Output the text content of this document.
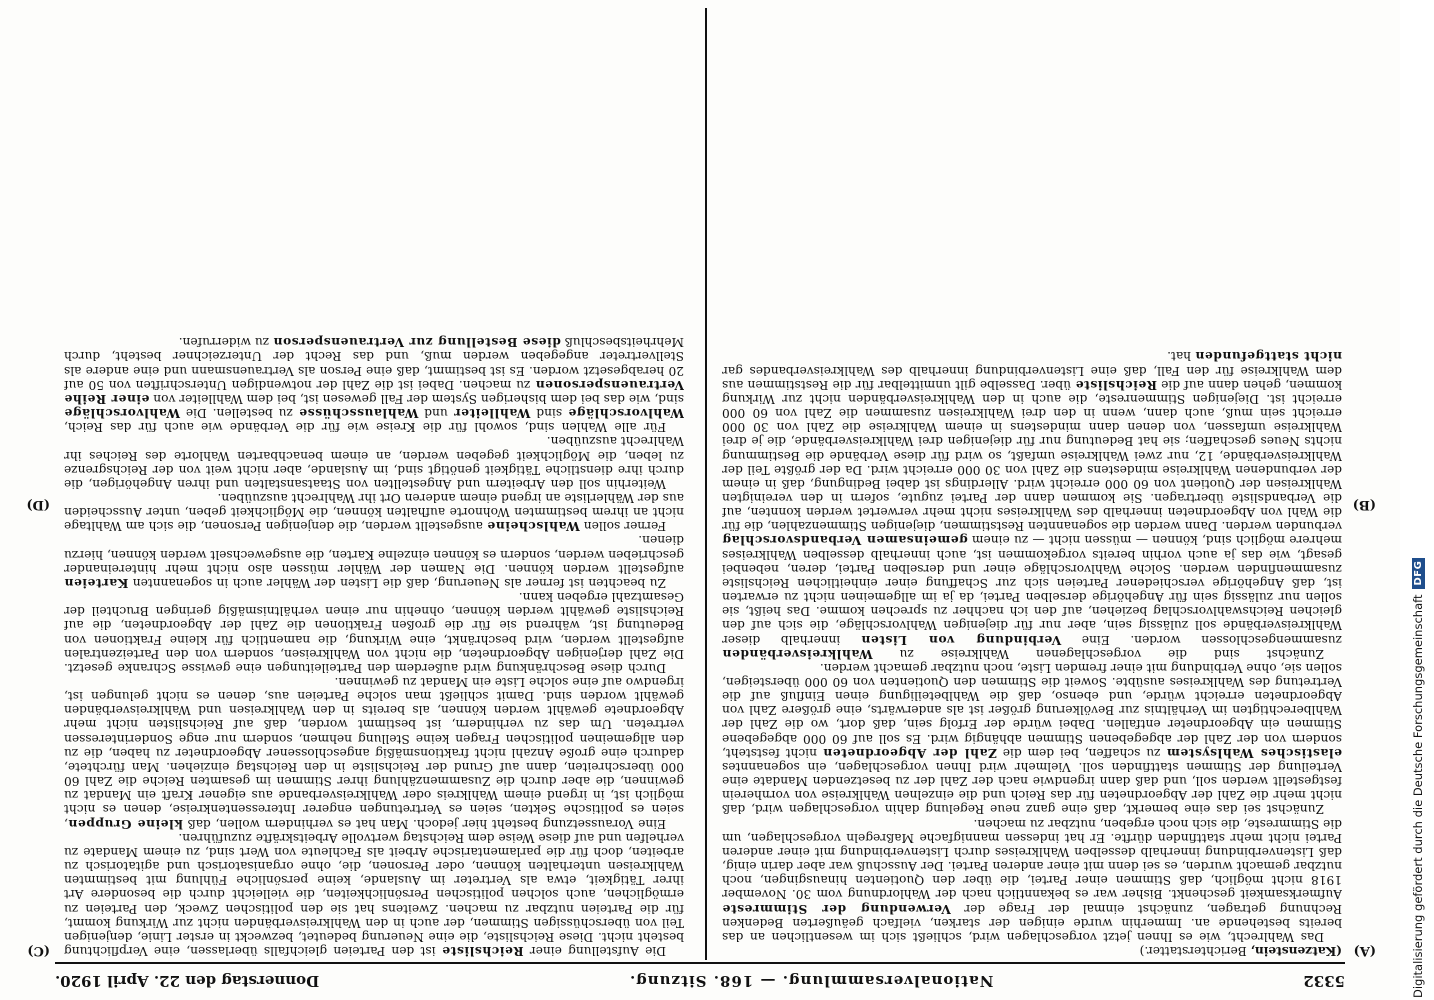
5332
Nationalversammlung. — 168. Sitzung.
Donnerstag den 22. April 1920.
(A)
(B)
(C)
(D)

(Katzenstein, Berichterstatter.)

Das Wahlrecht, wie es Ihnen jetzt vorgeschlagen wird, schließt sich im wesentlichen an das bereits bestehende an. Immerhin wurde einigen der starken, vielfach geäußerten Bedenken Rechnung getragen, zunächst einmal der Frage der Verwendung der Stimmreste Aufmerksamkeit geschenkt. Bisher war es bekanntlich nach der Wahlordnung vom 30. November 1918 nicht möglich, daß Stimmen einer Partei, die über den Quotienten hinausgingen, noch nutzbar gemacht wurden, es sei denn mit einer anderen Partei. Der Ausschuß war aber darin einig, daß Listenverbindung innerhalb desselben Wahlkreises durch Listenverbindung mit einer anderen Partei nicht mehr stattfinden dürfte. Er hat indessen mannigfache Maßregeln vorgeschlagen, um die Stimmreste, die sich noch ergeben, nutzbar zu machen.

Zunächst sei das eine bemerkt, daß eine ganz neue Regelung dahin vorgeschlagen wird, daß nicht mehr die Zahl der Abgeordneten für das Reich und die einzelnen Wahlkreise von vornherein festgestellt werden soll, und daß dann irgendwie nach der Zahl der zu besetzenden Mandate eine Verteilung der Stimmen stattfinden soll. Vielmehr wird Ihnen vorgeschlagen, ein sogenanntes elastisches Wahlsystem zu schaffen, bei dem die Zahl der Abgeordneten nicht feststeht, sondern von der Zahl der abgegebenen Stimmen abhängig wird. Es soll auf 60 000 abgegebene Stimmen ein Abgeordneter entfallen. Dabei würde der Erfolg sein, daß dort, wo die Zahl der Wahlberechtigten im Verhältnis zur Bevölkerung größer ist als anderwärts, eine größere Zahl von Abgeordneten erreicht würde, und ebenso, daß die Wahlbeteiligung einen Einfluß auf die Vertretung des Wahlkreises ausübte. Soweit die Stimmen den Quotienten von 60 000 übersteigen, sollen sie, ohne Verbindung mit einer fremden Liste, noch nutzbar gemacht werden.

Zunächst sind die vorgeschlagenen Wahlkreise zu Wahlkreisverbänden zusammengeschlossen worden. Eine Verbindung von Listen innerhalb dieser Wahlkreisverbände soll zulässig sein, aber nur für diejenigen Wahlvorschläge, die sich auf den gleichen Reichswahlvorschlag beziehen, auf den ich nachher zu sprechen komme. Das heißt, sie sollen nur zulässig sein für Angehörige derselben Partei, da ja im allgemeinen nicht zu erwarten ist, daß Angehörige verschiedener Parteien sich zur Schaffung einer einheitlichen Reichsliste zusammenfinden werden. Solche Wahlvorschläge einer und derselben Partei, deren, nebenbei gesagt, wie das ja auch vorhin bereits vorgekommen ist, auch innerhalb desselben Wahlkreises mehrere möglich sind, können — müssen nicht — zu einem gemeinsamen Verbandsvorschlag verbunden werden. Dann werden die sogenannten Reststimmen, diejenigen Stimmenzahlen, die für die Wahl von Abgeordneten innerhalb des Wahlkreises nicht mehr verwertet werden konnten, auf die Verbandsliste übertragen. Sie kommen dann der Partei zugute, sofern in den vereinigten Wahlkreisen der Quotient von 60 000 erreicht wird. Allerdings ist dabei Bedingung, daß in einem der verbundenen Wahlkreise mindestens die Zahl von 30 000 erreicht wird. Da der größte Teil der Wahlkreisverbände, 12, nur zwei Wahlkreise umfaßt, so wird für diese Verbände die Bestimmung nichts Neues geschaffen; sie hat Bedeutung nur für diejenigen drei Wahlkreisverbände, die je drei Wahlkreise umfassen, von denen dann mindestens in einem Wahlkreise die Zahl von 30 000 erreicht sein muß, auch dann, wenn in den drei Wahlkreisen zusammen die Zahl von 60 000 erreicht ist. Diejenigen Stimmenreste, die auch in den Wahlkreisverbänden nicht zur Wirkung kommen, gehen dann auf die Reichsliste über. Dasselbe gilt unmittelbar für die Reststimmen aus dem Wahlkreise für den Fall, daß eine Listenverbindung innerhalb des Wahlkreisverbandes gar nicht stattgefunden hat.

Die Aufstellung einer Reichsliste ist den Parteien gleichfalls überlassen, eine Verpflichtung besteht nicht. Diese Reichsliste, die eine Neuerung bedeutet, bezweckt in erster Linie, denjenigen Teil von überschüssigen Stimmen, der auch in den Wahlkreisverbänden nicht zur Wirkung kommt, für die Parteien nutzbar zu machen. Zweitens hat sie den politischen Zweck, den Parteien zu ermöglichen, auch solchen politischen Persönlichkeiten, die vielleicht durch die besondere Art ihrer Tätigkeit, etwa als Vertreter im Auslande, keine persönliche Fühlung mit bestimmten Wahlkreisen unterhalten können, oder Personen, die, ohne organisatorisch und agitatorisch zu arbeiten, doch für die parlamentarische Arbeit als Fachleute von Wert sind, zu einem Mandate zu verhelfen und auf diese Weise dem Reichstag wertvolle Arbeitskräfte zuzuführen.

Eine Voraussetzung besteht hier jedoch. Man hat es verhindern wollen, daß kleine Gruppen, seien es politische Sekten, seien es Vertretungen engerer Interessentenkreise, denen es nicht möglich ist, in irgend einem Wahlkreis oder Wahlkreisverbande aus eigener Kraft ein Mandat zu gewinnen, die aber durch die Zusammenzählung ihrer Stimmen im gesamten Reiche die Zahl 60 000 überschreiten, dann auf Grund der Reichsliste in den Reichstag einziehen. Man fürchtete, dadurch eine große Anzahl nicht fraktionsmäßig angeschlossener Abgeordneter zu haben, die zu den allgemeinen politischen Fragen keine Stellung nehmen, sondern nur enge Sonderinteressen vertreten. Um das zu verhindern, ist bestimmt worden, daß auf Reichslisten nicht mehr Abgeordnete gewählt werden können, als bereits in den Wahlkreisen und Wahlkreisverbänden gewählt worden sind. Damit schließt man solche Parteien aus, denen es nicht gelungen ist, irgendwo auf eine solche Liste ein Mandat zu gewinnen.

Durch diese Beschränkung wird außerdem den Parteileitungen eine gewisse Schranke gesetzt. Die Zahl derjenigen Abgeordneten, die nicht von Wahlkreisen, sondern von den Parteizentralen aufgestellt werden, wird beschränkt, eine Wirkung, die namentlich für kleine Fraktionen von Bedeutung ist, während sie für die großen Fraktionen die Zahl der Abgeordneten, die auf Reichsliste gewählt werden können, ohnehin nur einen verhältnismäßig geringen Bruchteil der Gesamtzahl ergeben kann.

Zu beachten ist ferner als Neuerung, daß die Listen der Wähler auch in sogenannten Karteien aufgestellt werden können. Die Namen der Wähler müssen also nicht mehr hintereinander geschrieben werden, sondern es können einzelne Karten, die ausgewechselt werden können, hierzu dienen.

Ferner sollen Wahlscheine ausgestellt werden, die denjenigen Personen, die sich am Wahltage nicht an ihrem bestimmten Wohnorte aufhalten können, die Möglichkeit geben, unter Ausscheiden aus der Wählerliste an irgend einem anderen Ort ihr Wahlrecht auszuüben.

Weiterhin soll den Arbeitern und Angestellten von Staatsanstalten und ihren Angehörigen, die durch ihre dienstliche Tätigkeit genötigt sind, im Auslande, aber nicht weit von der Reichsgrenze zu leben, die Möglichkeit gegeben werden, an einem benachbarten Wahlorte des Reiches ihr Wahlrecht auszuüben.

Für alle Wahlen sind, sowohl für die Kreise wie für die Verbände wie auch für das Reich, Wahlvorschläge sind Wahlleiter und Wahlausschüsse zu bestellen. Die Wahlvorschläge sind, wie das bei dem bisherigen System der Fall gewesen ist, bei dem Wahlleiter von einer Reihe Vertrauenspersonen zu machen. Dabei ist die Zahl der notwendigen Unterschriften von 50 auf 20 herabgesetzt worden. Es ist bestimmt, daß eine Person als Vertrauensmann und eine andere als Stellvertreter angegeben werden muß, und das Recht der Unterzeichner besteht, durch Mehrheitsbeschluß diese Bestellung zur Vertrauensperson zu widerrufen.

Digitalisierung gefördert durch die Deutsche Forschungsgemeinschaft
DFG
